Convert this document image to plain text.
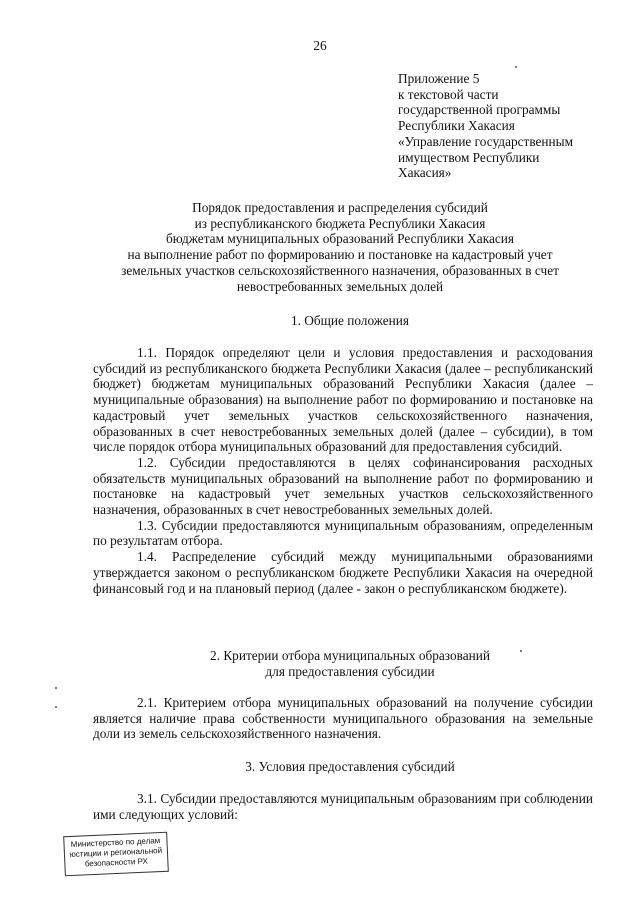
26
Приложение 5
к текстовой части
государственной программы
Республики Хакасия
«Управление государственным
имуществом Республики
Хакасия»
Порядок предоставления и распределения субсидий
из республиканского бюджета Республики Хакасия
бюджетам муниципальных образований Республики Хакасия
на выполнение работ по формированию и постановке на кадастровый учет
земельных участков сельскохозяйственного назначения, образованных в счет
невостребованных земельных долей
1. Общие положения

1.1. Порядок определяют цели и условия предоставления и расходования субсидий из республиканского бюджета Республики Хакасия (далее – республиканский бюджет) бюджетам муниципальных образований Республики Хакасия (далее – муниципальные образования) на выполнение работ по формированию и постановке на кадастровый учет земельных участков сельскохозяйственного назначения, образованных в счет невостребованных земельных долей (далее – субсидии), в том числе порядок отбора муниципальных образований для предоставления субсидий.

1.2. Субсидии предоставляются в целях софинансирования расходных обязательств муниципальных образований на выполнение работ по формированию и постановке на кадастровый учет земельных участков сельскохозяйственного назначения, образованных в счет невостребованных земельных долей.

1.3. Субсидии предоставляются муниципальным образованиям, определенным по результатам отбора.

1.4. Распределение субсидий между муниципальными образованиями утверждается законом о республиканском бюджете Республики Хакасия на очередной финансовый год и на плановый период (далее - закон о республиканском бюджете).

2. Критерии отбора муниципальных образований
для предоставления субсидии

2.1. Критерием отбора муниципальных образований на получение субсидии является наличие права собственности муниципального образования на земельные доли из земель сельскохозяйственного назначения.

3. Условия предоставления субсидий

3.1. Субсидии предоставляются муниципальным образованиям при соблюдении ими следующих условий:

Министерство по делам
юстиции и региональной
безопасности РХ
